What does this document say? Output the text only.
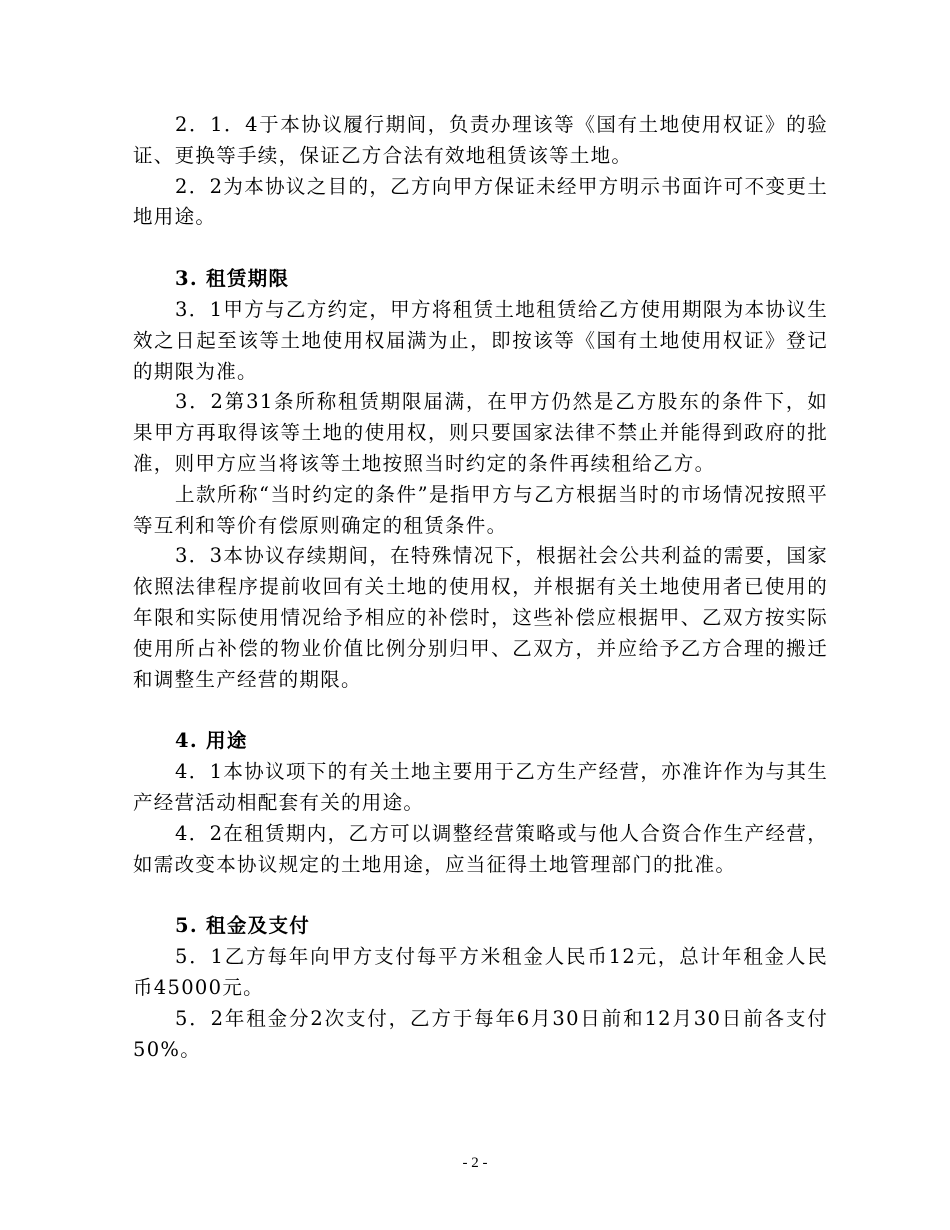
2．1．4于本协议履行期间，负责办理该等《国有土地使用权证》的验证、更换等手续，保证乙方合法有效地租赁该等土地。

2．2为本协议之目的，乙方向甲方保证未经甲方明示书面许可不变更土地用途。

3. 租赁期限

3．1甲方与乙方约定，甲方将租赁土地租赁给乙方使用期限为本协议生效之日起至该等土地使用权届满为止，即按该等《国有土地使用权证》登记的期限为准。

3．2第31条所称租赁期限届满，在甲方仍然是乙方股东的条件下，如果甲方再取得该等土地的使用权，则只要国家法律不禁止并能得到政府的批准，则甲方应当将该等土地按照当时约定的条件再续租给乙方。

上款所称“当时约定的条件”是指甲方与乙方根据当时的市场情况按照平等互利和等价有偿原则确定的租赁条件。

3．3本协议存续期间，在特殊情况下，根据社会公共利益的需要，国家依照法律程序提前收回有关土地的使用权，并根据有关土地使用者已使用的年限和实际使用情况给予相应的补偿时，这些补偿应根据甲、乙双方按实际使用所占补偿的物业价值比例分别归甲、乙双方，并应给予乙方合理的搬迁和调整生产经营的期限。

4. 用途

4．1本协议项下的有关土地主要用于乙方生产经营，亦准许作为与其生产经营活动相配套有关的用途。

4．2在租赁期内，乙方可以调整经营策略或与他人合资合作生产经营，如需改变本协议规定的土地用途，应当征得土地管理部门的批准。

5. 租金及支付

5．1乙方每年向甲方支付每平方米租金人民币12元，总计年租金人民币45000元。

5．2年租金分2次支付，乙方于每年6月30日前和12月30日前各支付50%。

- 2 -
